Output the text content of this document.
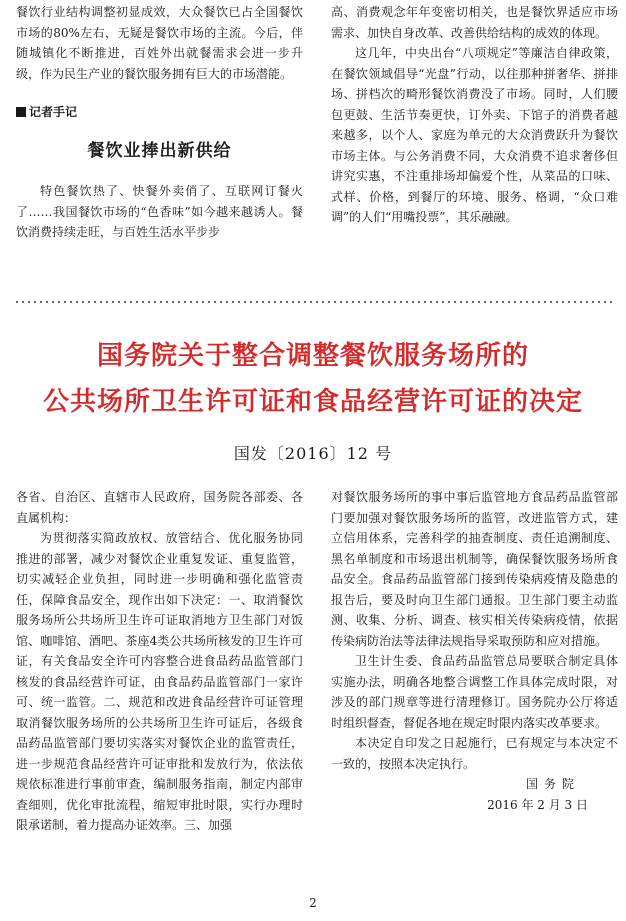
餐饮行业结构调整初显成效，大众餐饮已占全国餐饮市场的80%左右，无疑是餐饮市场的主流。今后，伴随城镇化不断推进，百姓外出就餐需求会进一步升级，作为民生产业的餐饮服务拥有巨大的市场潜能。

记者手记
餐饮业捧出新供给

特色餐饮热了、快餐外卖俏了、互联网订餐火了……我国餐饮市场的“色香味”如今越来越诱人。餐饮消费持续走旺，与百姓生活水平步步

高、消费观念年年变密切相关，也是餐饮界适应市场需求、加快自身改革、改善供给结构的成效的体现。

这几年，中央出台“八项规定”等廉洁自律政策，在餐饮领域倡导“光盘”行动，以往那种拼奢华、拼排场、拼档次的畸形餐饮消费没了市场。同时，人们腰包更鼓、生活节奏更快，订外卖、下馆子的消费者越来越多，以个人、家庭为单元的大众消费跃升为餐饮市场主体。与公务消费不同，大众消费不追求奢侈但讲究实惠，不注重排场却偏爱个性，从菜品的口味、式样、价格，到餐厅的环境、服务、格调，“众口难调”的人们“用嘴投票”，其乐融融。

国务院关于整合调整餐饮服务场所的
公共场所卫生许可证和食品经营许可证的决定
国发〔2016〕12 号

各省、自治区、直辖市人民政府，国务院各部委、各直属机构：

为贯彻落实简政放权、放管结合、优化服务协同推进的部署，减少对餐饮企业重复发证、重复监管，切实减轻企业负担，同时进一步明确和强化监管责任，保障食品安全，现作出如下决定：一、取消餐饮服务场所公共场所卫生许可证取消地方卫生部门对饭馆、咖啡馆、酒吧、茶座4类公共场所核发的卫生许可证，有关食品安全许可内容整合进食品药品监管部门核发的食品经营许可证，由食品药品监管部门一家许可、统一监管。二、规范和改进食品经营许可证管理取消餐饮服务场所的公共场所卫生许可证后，各级食品药品监管部门要切实落实对餐饮企业的监管责任，进一步规范食品经营许可证审批和发放行为，依法依规依标准进行事前审查，编制服务指南，制定内部审查细则，优化审批流程，缩短审批时限，实行办理时限承诺制，着力提高办证效率。三、加强

对餐饮服务场所的事中事后监管地方食品药品监管部门要加强对餐饮服务场所的监管，改进监管方式，建立信用体系，完善科学的抽查制度、责任追溯制度、黑名单制度和市场退出机制等，确保餐饮服务场所食品安全。食品药品监管部门接到传染病疫情及隐患的报告后，要及时向卫生部门通报。卫生部门要主动监测、收集、分析、调查、核实相关传染病疫情，依据传染病防治法等法律法规指导采取预防和应对措施。

卫生计生委、食品药品监管总局要联合制定具体实施办法，明确各地整合调整工作具体完成时限，对涉及的部门规章等进行清理修订。国务院办公厅将适时组织督查，督促各地在规定时限内落实改革要求。

本决定自印发之日起施行，已有规定与本决定不一致的，按照本决定执行。

国务院

2016 年 2 月 3 日

2
